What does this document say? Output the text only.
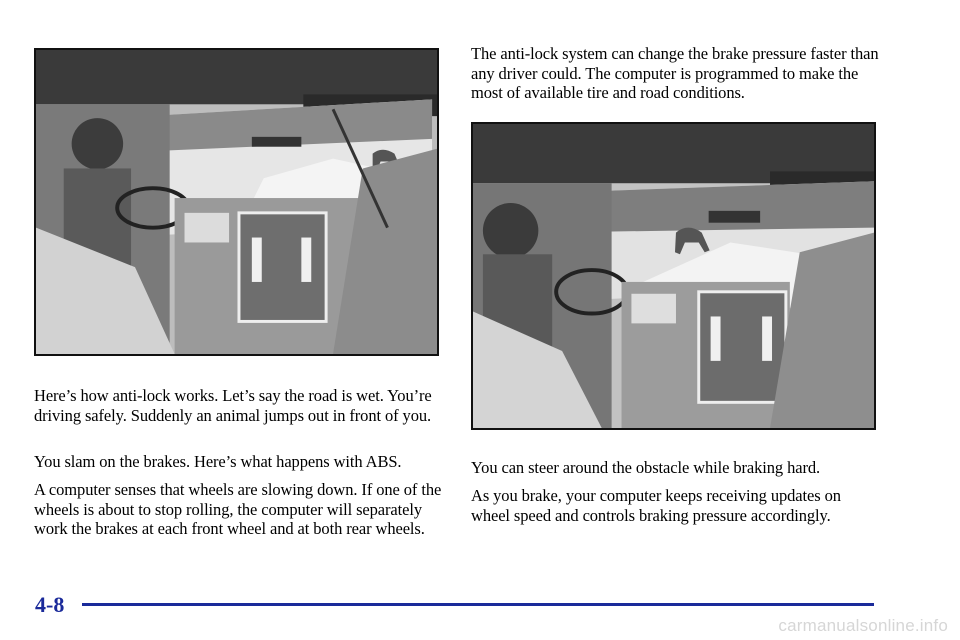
Here’s how anti‑lock works. Let’s say the road is wet. You’re driving safely. Suddenly an animal jumps out in front of you.

You slam on the brakes. Here’s what happens with ABS.

A computer senses that wheels are slowing down. If one of the wheels is about to stop rolling, the computer will separately work the brakes at each front wheel and at both rear wheels.

The anti‑lock system can change the brake pressure faster than any driver could. The computer is programmed to make the most of available tire and road conditions.

You can steer around the obstacle while braking hard.

As you brake, your computer keeps receiving updates on wheel speed and controls braking pressure accordingly.

4-8
carmanualsonline.info
